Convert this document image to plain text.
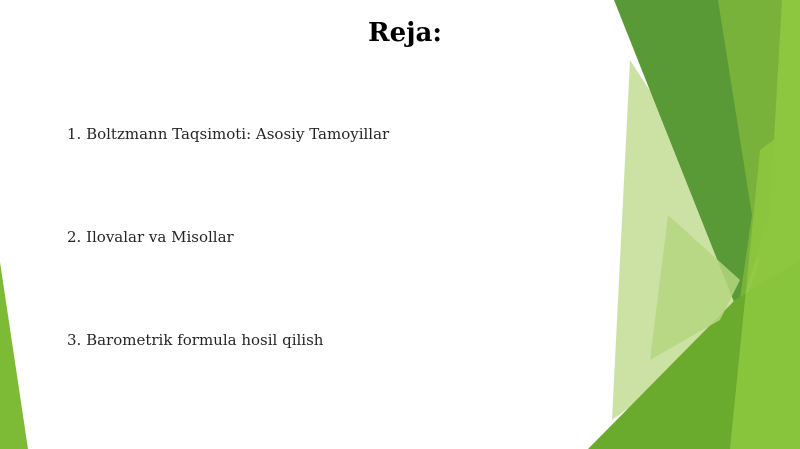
Reja:
1. Boltzmann Taqsimoti: Asosiy Tamoyillar
2. Ilovalar va Misollar
3. Barometrik formula hosil qilish
